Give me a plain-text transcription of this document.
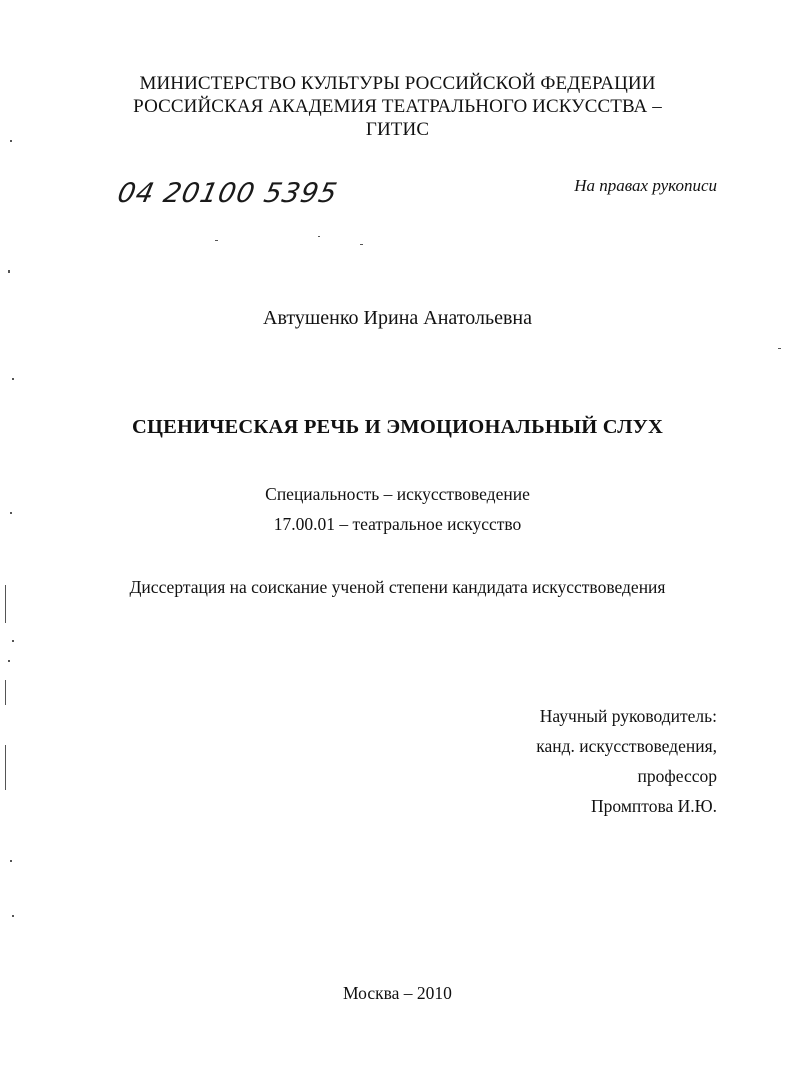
МИНИСТЕРСТВО КУЛЬТУРЫ РОССИЙСКОЙ ФЕДЕРАЦИИ
РОССИЙСКАЯ АКАДЕМИЯ ТЕАТРАЛЬНОГО ИСКУССТВА –
ГИТИС
04 20100 5395	На правах рукописи
Автушенко Ирина Анатольевна
СЦЕНИЧЕСКАЯ РЕЧЬ И ЭМОЦИОНАЛЬНЫЙ СЛУХ
Специальность – искусствоведение
17.00.01 – театральное искусство
Диссертация на соискание ученой степени кандидата искусствоведения
Научный руководитель:
канд. искусствоведения,
профессор
Промптова И.Ю.
Москва – 2010
